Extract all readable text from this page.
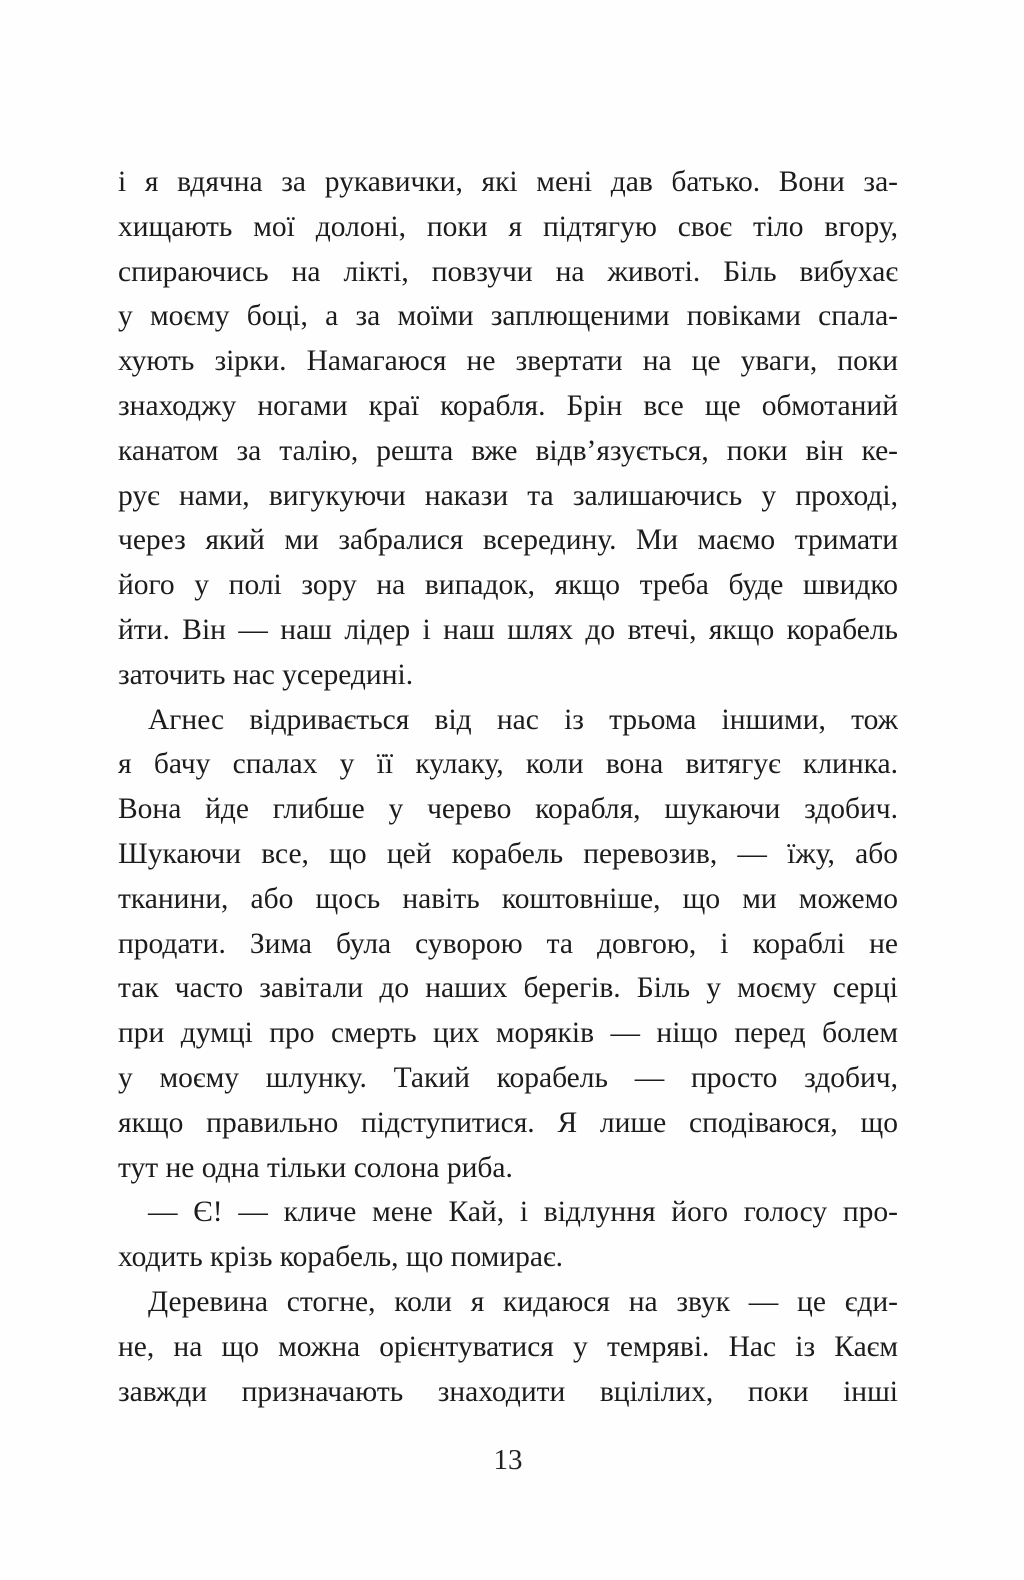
і я вдячна за рукавички, які мені дав батько. Вони за-
хищають мої долоні, поки я підтягую своє тіло вгору,
спираючись на лікті, повзучи на животі. Біль вибухає
у моєму боці, а за моїми заплющеними повіками спала-
хують зірки. Намагаюся не звертати на це уваги, поки
знаходжу ногами краї корабля. Брін все ще обмотаний
канатом за талію, решта вже відв’язується, поки він ке-
рує нами, вигукуючи накази та залишаючись у проході,
через який ми забралися всередину. Ми маємо тримати
його у полі зору на випадок, якщо треба буде швидко
йти. Він — наш лідер і наш шлях до втечі, якщо корабель
заточить нас усередині.
Агнес відривається від нас із трьома іншими, тож
я бачу спалах у її кулаку, коли вона витягує клинка.
Вона йде глибше у черево корабля, шукаючи здобич.
Шукаючи все, що цей корабель перевозив, — їжу, або
тканини, або щось навіть коштовніше, що ми можемо
продати. Зима була суворою та довгою, і кораблі не
так часто завітали до наших берегів. Біль у моєму серці
при думці про смерть цих моряків — ніщо перед болем
у моєму шлунку. Такий корабель — просто здобич,
якщо правильно підступитися. Я лише сподіваюся, що
тут не одна тільки солона риба.
— Є! — кличе мене Кай, і відлуння його голосу про-
ходить крізь корабель, що помирає.
Деревина стогне, коли я кидаюся на звук — це єди-
не, на що можна орієнтуватися у темряві. Нас із Каєм
завжди призначають знаходити вцілілих, поки інші
13
